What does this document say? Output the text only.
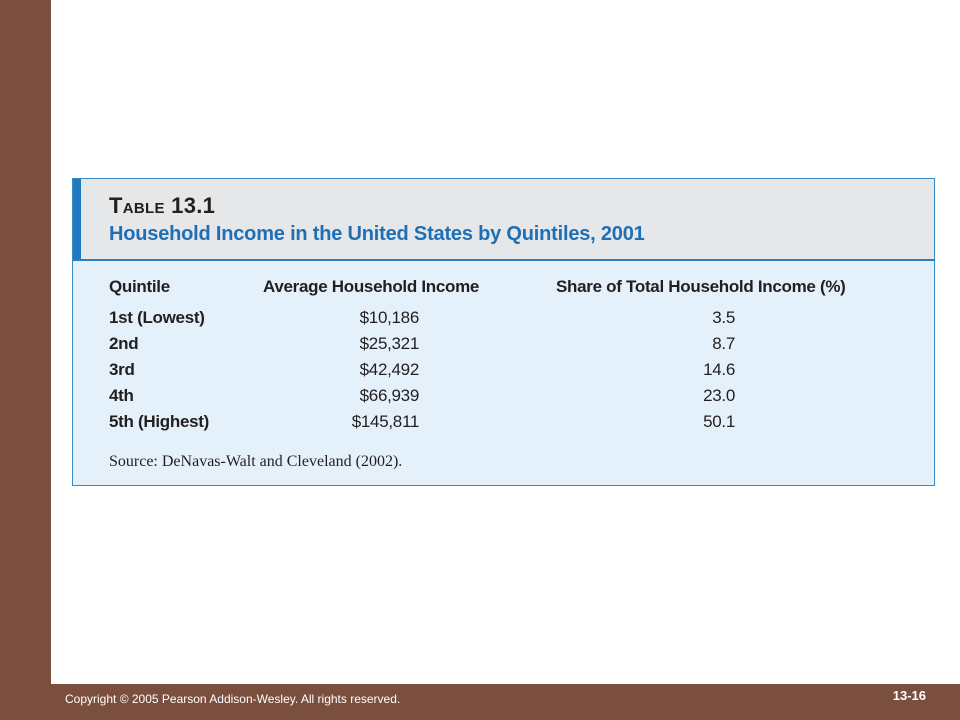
Table 13.1
Household Income in the United States by Quintiles, 2001
Quintile	Average Household Income	Share of Total Household Income (%)
1st (Lowest)	$10,186	3.5
2nd	$25,321	8.7
3rd	$42,492	14.6
4th	$66,939	23.0
5th (Highest)	$145,811	50.1
Source: DeNavas-Walt and Cleveland (2002).
Copyright © 2005 Pearson Addison-Wesley. All rights reserved.	13-16
